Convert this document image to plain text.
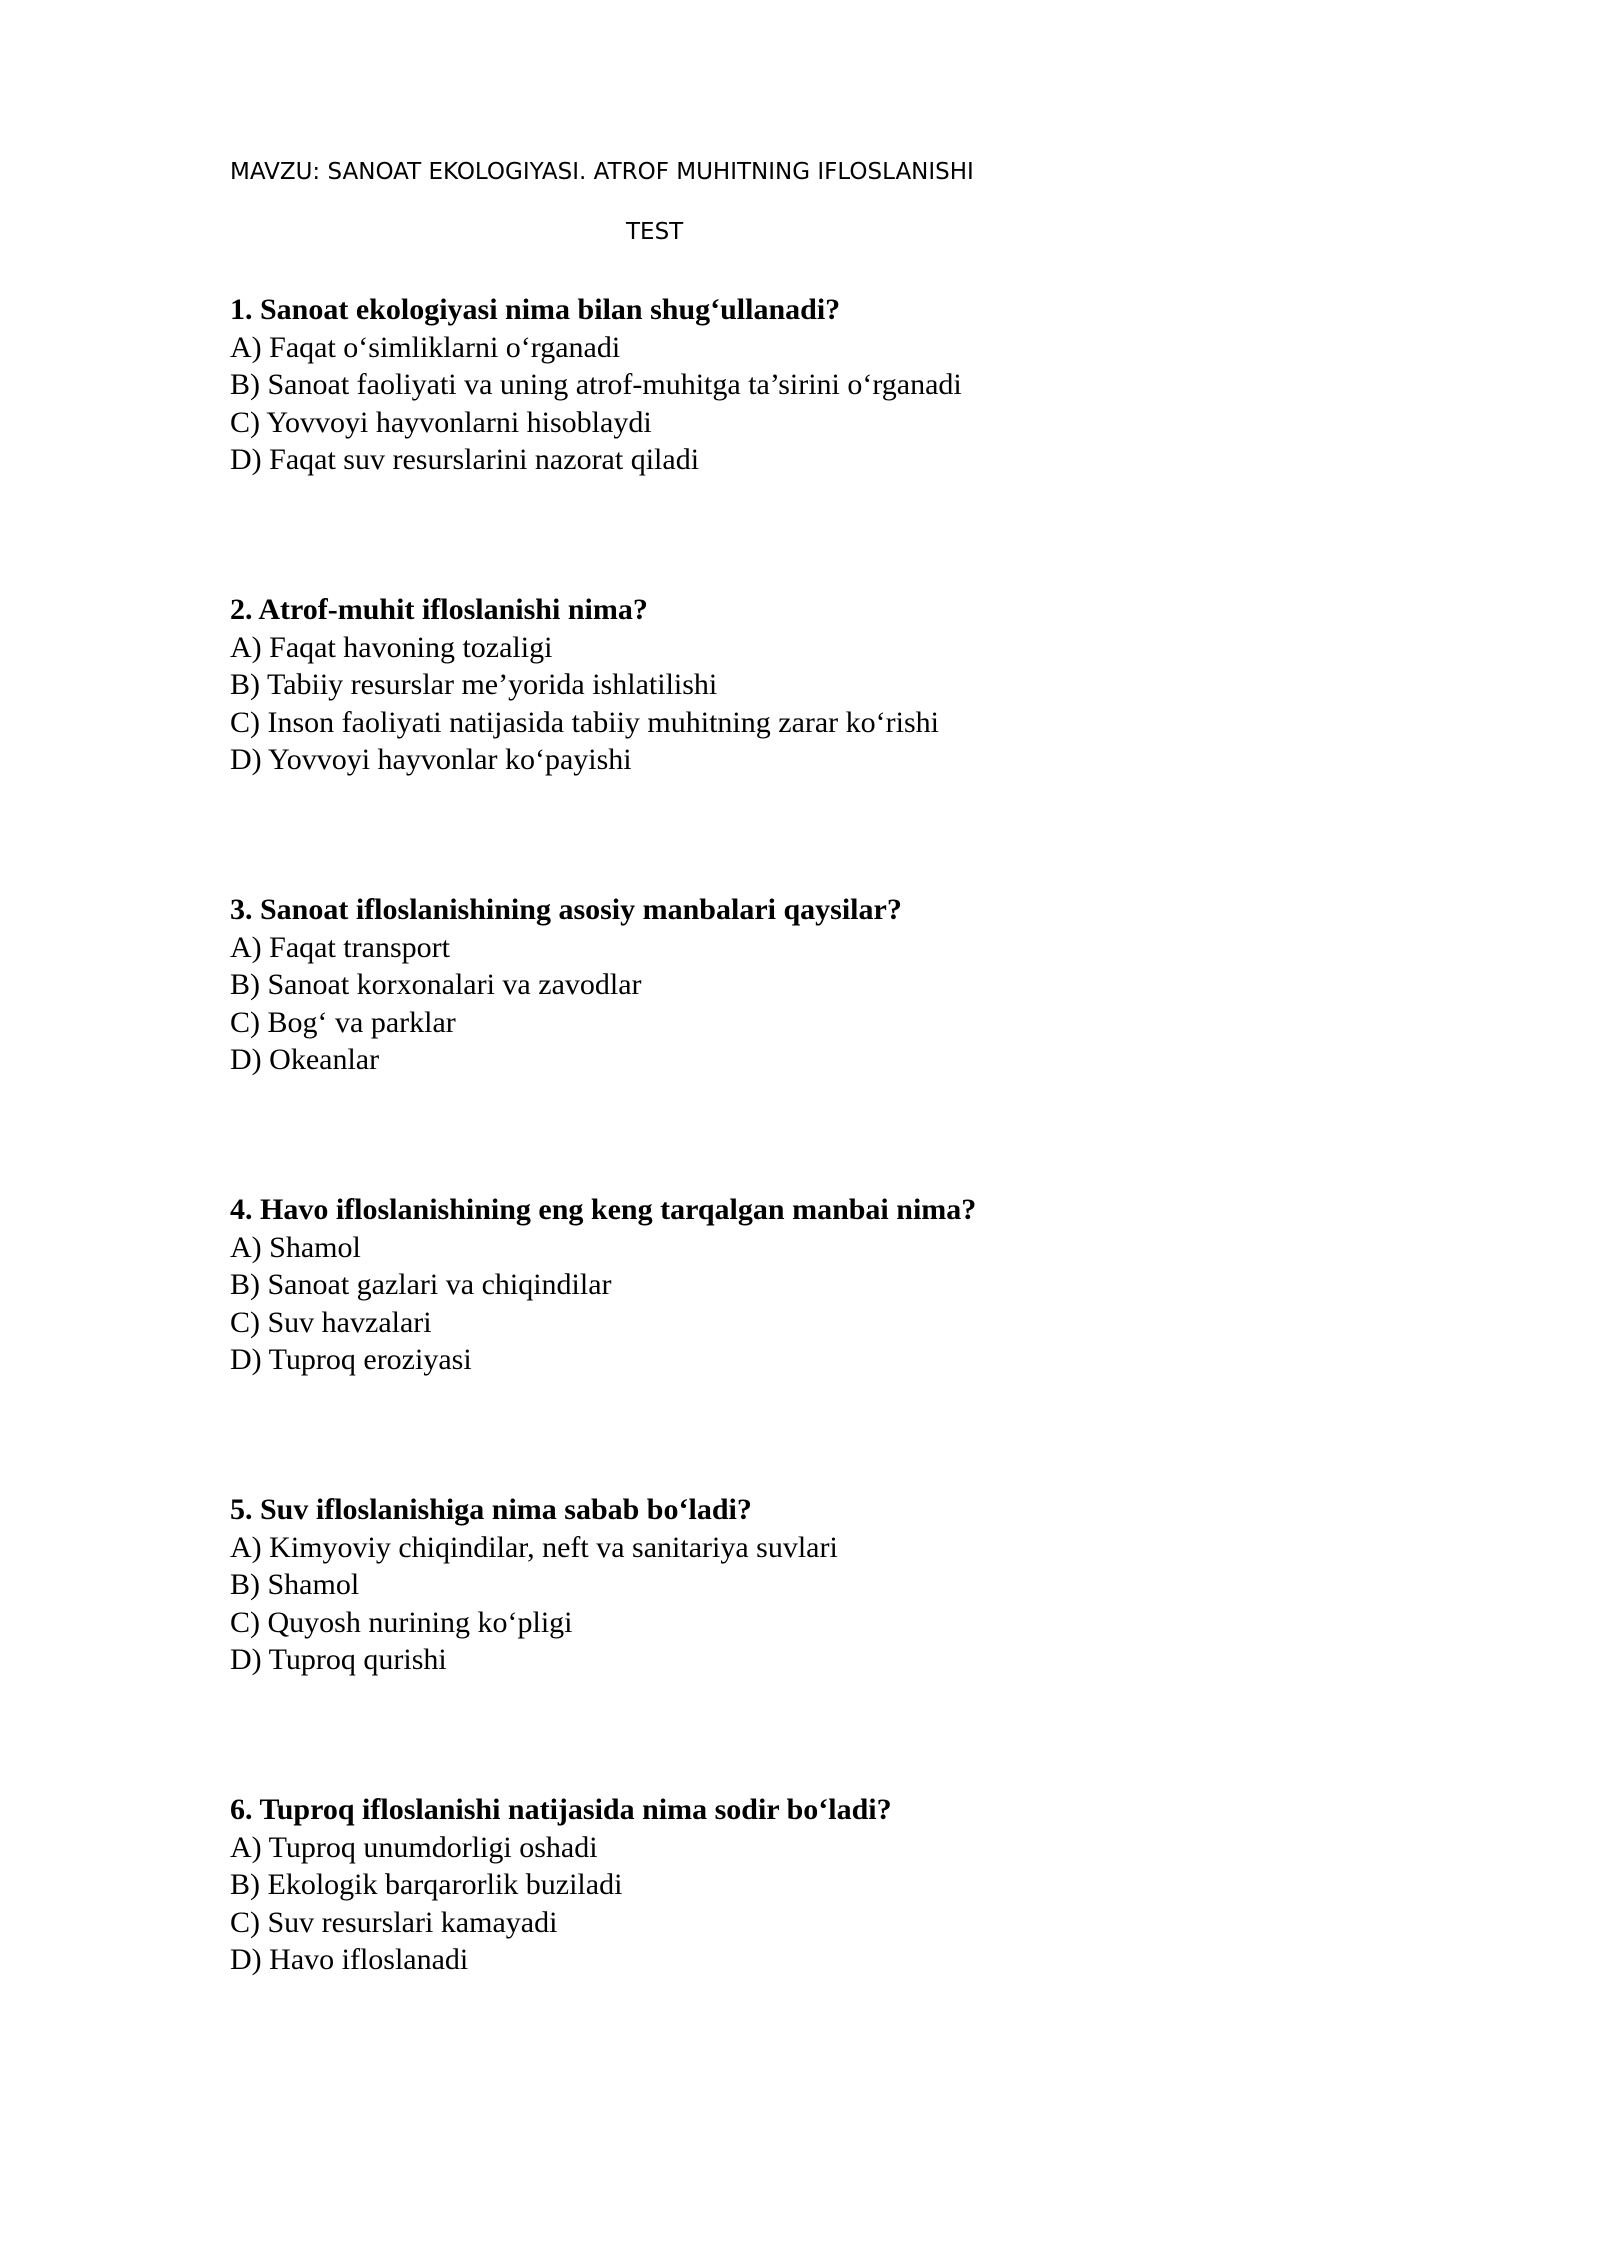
MAVZU: SANOAT EKOLOGIYASI. ATROF MUHITNING IFLOSLANISHI
TEST
1. Sanoat ekologiyasi nima bilan shug‘ullanadi?
A) Faqat o‘simliklarni o‘rganadi
B) Sanoat faoliyati va uning atrof-muhitga ta’sirini o‘rganadi
C) Yovvoyi hayvonlarni hisoblaydi
D) Faqat suv resurslarini nazorat qiladi
2. Atrof-muhit ifloslanishi nima?
A) Faqat havoning tozaligi
B) Tabiiy resurslar me’yorida ishlatilishi
C) Inson faoliyati natijasida tabiiy muhitning zarar ko‘rishi
D) Yovvoyi hayvonlar ko‘payishi
3. Sanoat ifloslanishining asosiy manbalari qaysilar?
A) Faqat transport
B) Sanoat korxonalari va zavodlar
C) Bog‘ va parklar
D) Okeanlar
4. Havo ifloslanishining eng keng tarqalgan manbai nima?
A) Shamol
B) Sanoat gazlari va chiqindilar
C) Suv havzalari
D) Tuproq eroziyasi
5. Suv ifloslanishiga nima sabab bo‘ladi?
A) Kimyoviy chiqindilar, neft va sanitariya suvlari
B) Shamol
C) Quyosh nurining ko‘pligi
D) Tuproq qurishi
6. Tuproq ifloslanishi natijasida nima sodir bo‘ladi?
A) Tuproq unumdorligi oshadi
B) Ekologik barqarorlik buziladi
C) Suv resurslari kamayadi
D) Havo ifloslanadi
